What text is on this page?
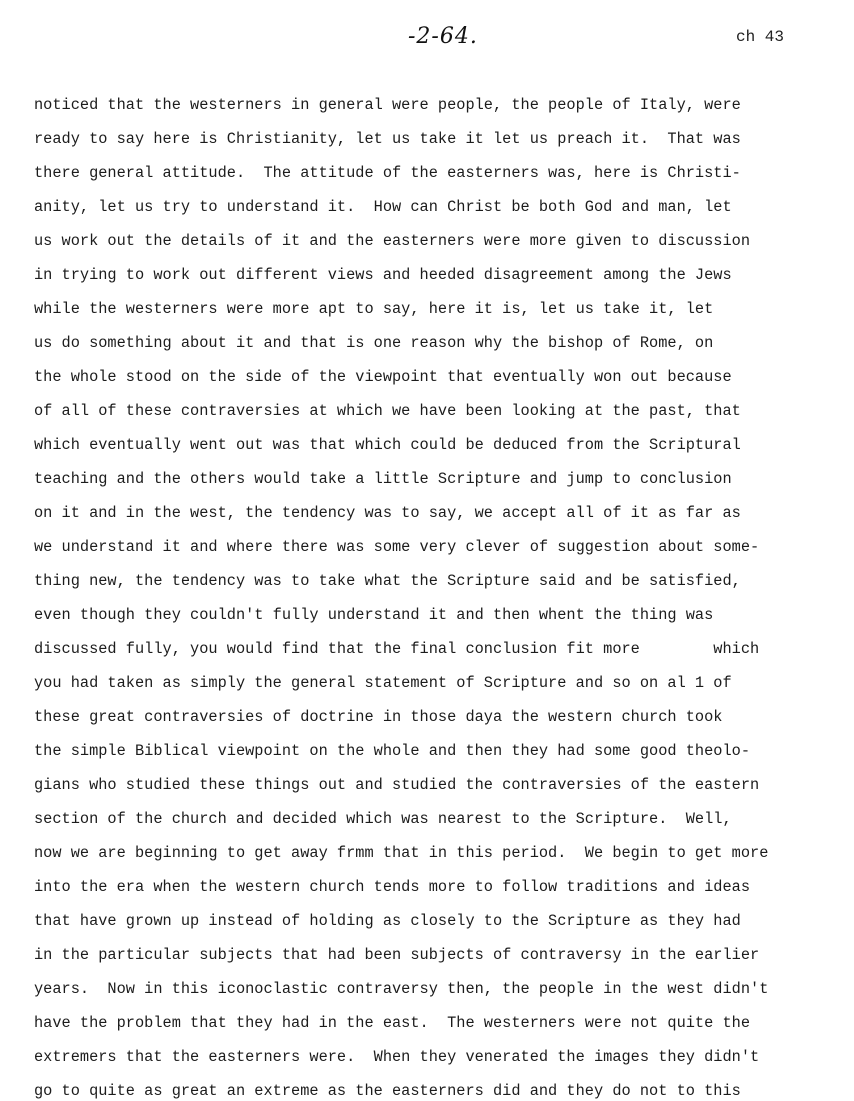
-2-64.	ch 43
noticed that the westerners in general were people, the people of Italy, were
ready to say here is Christianity, let us take it let us preach it.  That was
there general attitude.  The attitude of the easterners was, here is Christi-
anity, let us try to understand it.  How can Christ be both God and man, let
us work out the details of it and the easterners were more given to discussion
in trying to work out different views and heeded disagreement among the Jews
while the westerners were more apt to say, here it is, let us take it, let
us do something about it and that is one reason why the bishop of Rome, on
the whole stood on the side of the viewpoint that eventually won out because
of all of these contraversies at which we have been looking at the past, that
which eventually went out was that which could be deduced from the Scriptural
teaching and the others would take a little Scripture and jump to conclusion
on it and in the west, the tendency was to say, we accept all of it as far as
we understand it and where there was some very clever of suggestion about some-
thing new, the tendency was to take what the Scripture said and be satisfied,
even though they couldn't fully understand it and then whent the thing was
discussed fully, you would find that the final conclusion fit more        which
you had taken as simply the general statement of Scripture and so on al 1 of
these great contraversies of doctrine in those daya the western church took
the simple Biblical viewpoint on the whole and then they had some good theolo-
gians who studied these things out and studied the contraversies of the eastern
section of the church and decided which was nearest to the Scripture.  Well,
now we are beginning to get away frmm that in this period.  We begin to get more
into the era when the western church tends more to follow traditions and ideas
that have grown up instead of holding as closely to the Scripture as they had
in the particular subjects that had been subjects of contraversy in the earlier
years.  Now in this iconoclastic contraversy then, the people in the west didn't
have the problem that they had in the east.  The westerners were not quite the
extremers that the easterners were.  When they venerated the images they didn't
go to quite as great an extreme as the easterners did and they do not to this
